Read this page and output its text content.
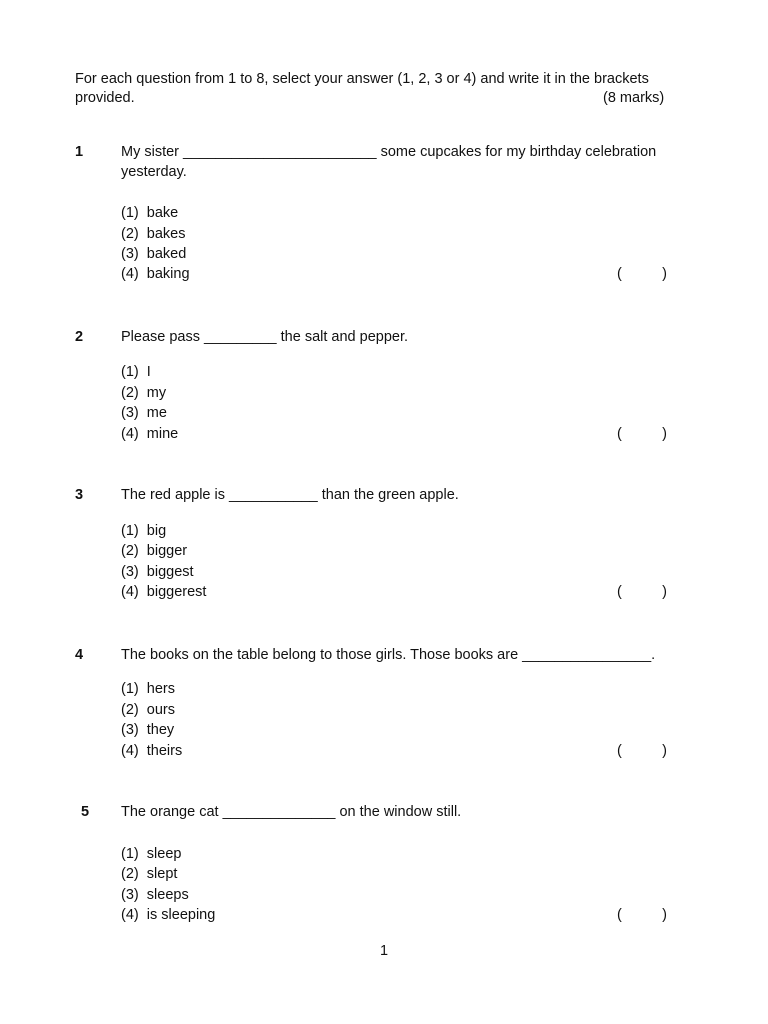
For each question from 1 to 8, select your answer (1, 2, 3 or 4) and write it in the brackets
provided.	(8 marks)
1	My sister ________________________ some cupcakes for my birthday celebration
yesterday.
(1)  bake
(2)  bakes
(3)  baked
(4)  baking	(          )
2	Please pass _________ the salt and pepper.
(1)  I
(2)  my
(3)  me
(4)  mine	(          )
3	The red apple is ___________ than the green apple.
(1)  big
(2)  bigger
(3)  biggest
(4)  biggerest	(          )
4	The books on the table belong to those girls. Those books are ________________.
(1)  hers
(2)  ours
(3)  they
(4)  theirs	(          )
5 The orange cat ______________ on the window still.
(1)  sleep
(2)  slept
(3)  sleeps
(4)  is sleeping	(          )
1
